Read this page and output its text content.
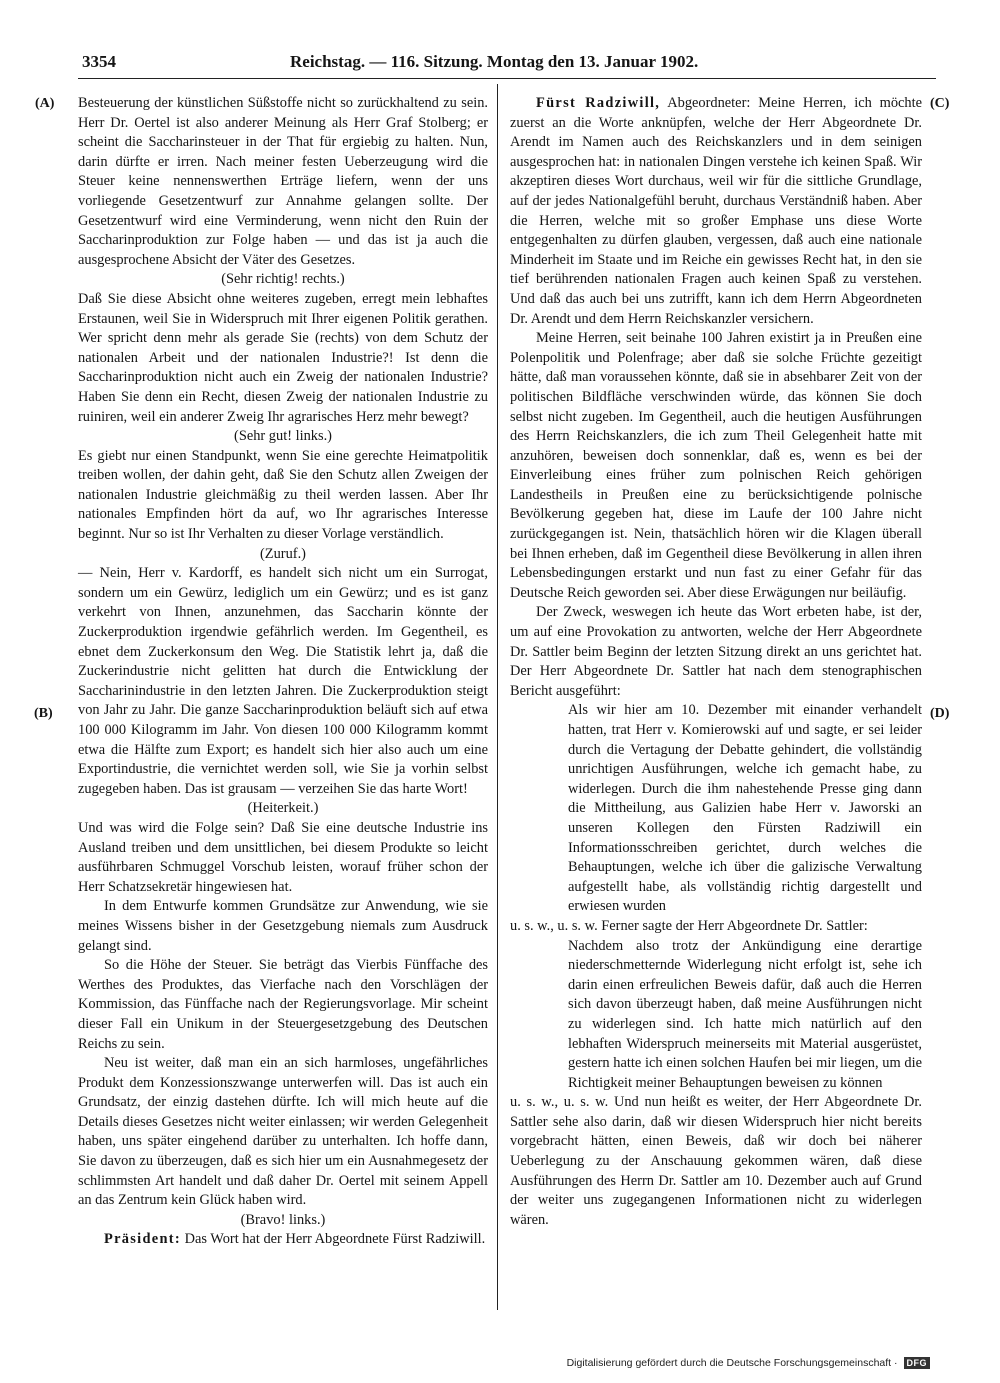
3354	Reichstag. — 116. Sitzung. Montag den 13. Januar 1902.
(A)
(B)
(C)
(D)

Besteuerung der künstlichen Süßstoffe nicht so zurückhaltend zu sein. Herr Dr. Oertel ist also anderer Meinung als Herr Graf Stolberg; er scheint die Saccharinsteuer in der That für ergiebig zu halten. Nun, darin dürfte er irren. Nach meiner festen Ueberzeugung wird die Steuer keine nennenswerthen Erträge liefern, wenn der uns vorliegende Gesetzentwurf zur Annahme gelangen sollte. Der Gesetzentwurf wird eine Verminderung, wenn nicht den Ruin der Saccharinproduktion zur Folge haben — und das ist ja auch die ausgesprochene Absicht der Väter des Gesetzes.

(Sehr richtig! rechts.)

Daß Sie diese Absicht ohne weiteres zugeben, erregt mein lebhaftes Erstaunen, weil Sie in Widerspruch mit Ihrer eigenen Politik gerathen. Wer spricht denn mehr als gerade Sie (rechts) von dem Schutz der nationalen Arbeit und der nationalen Industrie?! Ist denn die Saccharinproduktion nicht auch ein Zweig der nationalen Industrie? Haben Sie denn ein Recht, diesen Zweig der nationalen Industrie zu ruiniren, weil ein anderer Zweig Ihr agrarisches Herz mehr bewegt?

(Sehr gut! links.)

Es giebt nur einen Standpunkt, wenn Sie eine gerechte Heimatpolitik treiben wollen, der dahin geht, daß Sie den Schutz allen Zweigen der nationalen Industrie gleichmäßig zu theil werden lassen. Aber Ihr nationales Empfinden hört da auf, wo Ihr agrarisches Interesse beginnt. Nur so ist Ihr Verhalten zu dieser Vorlage verständlich.

(Zuruf.)

— Nein, Herr v. Kardorff, es handelt sich nicht um ein Surrogat, sondern um ein Gewürz, lediglich um ein Gewürz; und es ist ganz verkehrt von Ihnen, anzunehmen, das Saccharin könnte der Zuckerproduktion irgendwie gefährlich werden. Im Gegentheil, es ebnet dem Zuckerkonsum den Weg. Die Statistik lehrt ja, daß die Zuckerindustrie nicht gelitten hat durch die Entwicklung der Saccharinindustrie in den letzten Jahren. Die Zuckerproduktion steigt von Jahr zu Jahr. Die ganze Saccharinproduktion beläuft sich auf etwa 100 000 Kilogramm im Jahr. Von diesen 100 000 Kilogramm kommt etwa die Hälfte zum Export; es handelt sich hier also auch um eine Exportindustrie, die vernichtet werden soll, wie Sie ja vorhin selbst zugegeben haben. Das ist grausam — verzeihen Sie das harte Wort!

(Heiterkeit.)

Und was wird die Folge sein? Daß Sie eine deutsche Industrie ins Ausland treiben und dem unsittlichen, bei diesem Produkte so leicht ausführbaren Schmuggel Vorschub leisten, worauf früher schon der Herr Schatzsekretär hingewiesen hat.

In dem Entwurfe kommen Grundsätze zur Anwendung, wie sie meines Wissens bisher in der Gesetzgebung niemals zum Ausdruck gelangt sind.

So die Höhe der Steuer. Sie beträgt das Vierbis Fünffache des Werthes des Produktes, das Vierfache nach den Vorschlägen der Kommission, das Fünffache nach der Regierungsvorlage. Mir scheint dieser Fall ein Unikum in der Steuergesetzgebung des Deutschen Reichs zu sein.

Neu ist weiter, daß man ein an sich harmloses, ungefährliches Produkt dem Konzessionszwange unterwerfen will. Das ist auch ein Grundsatz, der einzig dastehen dürfte. Ich will mich heute auf die Details dieses Gesetzes nicht weiter einlassen; wir werden Gelegenheit haben, uns später eingehend darüber zu unterhalten. Ich hoffe dann, Sie davon zu überzeugen, daß es sich hier um ein Ausnahmegesetz der schlimmsten Art handelt und daß daher Dr. Oertel mit seinem Appell an das Zentrum kein Glück haben wird.

(Bravo! links.)

Präsident: Das Wort hat der Herr Abgeordnete Fürst Radziwill.

Fürst Radziwill, Abgeordneter: Meine Herren, ich möchte zuerst an die Worte anknüpfen, welche der Herr Abgeordnete Dr. Arendt im Namen auch des Reichskanzlers und in dem seinigen ausgesprochen hat: in nationalen Dingen verstehe ich keinen Spaß. Wir akzeptiren dieses Wort durchaus, weil wir für die sittliche Grundlage, auf der jedes Nationalgefühl beruht, durchaus Verständniß haben. Aber die Herren, welche mit so großer Emphase uns diese Worte entgegenhalten zu dürfen glauben, vergessen, daß auch eine nationale Minderheit im Staate und im Reiche ein gewisses Recht hat, in den sie tief berührenden nationalen Fragen auch keinen Spaß zu verstehen. Und daß das auch bei uns zutrifft, kann ich dem Herrn Abgeordneten Dr. Arendt und dem Herrn Reichskanzler versichern.

Meine Herren, seit beinahe 100 Jahren existirt ja in Preußen eine Polenpolitik und Polenfrage; aber daß sie solche Früchte gezeitigt hätte, daß man voraussehen könnte, daß sie in absehbarer Zeit von der politischen Bildfläche verschwinden würde, das können Sie doch selbst nicht zugeben. Im Gegentheil, auch die heutigen Ausführungen des Herrn Reichskanzlers, die ich zum Theil Gelegenheit hatte mit anzuhören, beweisen doch sonnenklar, daß es, wenn es bei der Einverleibung eines früher zum polnischen Reich gehörigen Landestheils in Preußen eine zu berücksichtigende polnische Bevölkerung gegeben hat, diese im Laufe der 100 Jahre nicht zurückgegangen ist. Nein, thatsächlich hören wir die Klagen überall bei Ihnen erheben, daß im Gegentheil diese Bevölkerung in allen ihren Lebensbedingungen erstarkt und nun fast zu einer Gefahr für das Deutsche Reich geworden sei. Aber diese Erwägungen nur beiläufig.

Der Zweck, weswegen ich heute das Wort erbeten habe, ist der, um auf eine Provokation zu antworten, welche der Herr Abgeordnete Dr. Sattler beim Beginn der letzten Sitzung direkt an uns gerichtet hat. Der Herr Abgeordnete Dr. Sattler hat nach dem stenographischen Bericht ausgeführt:

Als wir hier am 10. Dezember mit einander verhandelt hatten, trat Herr v. Komierowski auf und sagte, er sei leider durch die Vertagung der Debatte gehindert, die vollständig unrichtigen Ausführungen, welche ich gemacht habe, zu widerlegen. Durch die ihm nahestehende Presse ging dann die Mittheilung, aus Galizien habe Herr v. Jaworski an unseren Kollegen den Fürsten Radziwill ein Informationsschreiben gerichtet, durch welches die Behauptungen, welche ich über die galizische Verwaltung aufgestellt habe, als vollständig richtig dargestellt und erwiesen wurden

u. s. w., u. s. w. Ferner sagte der Herr Abgeordnete Dr. Sattler:

Nachdem also trotz der Ankündigung eine derartige niederschmetternde Widerlegung nicht erfolgt ist, sehe ich darin einen erfreulichen Beweis dafür, daß auch die Herren sich davon überzeugt haben, daß meine Ausführungen nicht zu widerlegen sind. Ich hatte mich natürlich auf den lebhaften Widerspruch meinerseits mit Material ausgerüstet, gestern hatte ich einen solchen Haufen bei mir liegen, um die Richtigkeit meiner Behauptungen beweisen zu können

u. s. w., u. s. w. Und nun heißt es weiter, der Herr Abgeordnete Dr. Sattler sehe also darin, daß wir diesen Widerspruch hier nicht bereits vorgebracht hätten, einen Beweis, daß wir doch bei näherer Ueberlegung zu der Anschauung gekommen wären, daß diese Ausführungen des Herrn Dr. Sattler am 10. Dezember auch auf Grund der weiter uns zugegangenen Informationen nicht zu widerlegen wären.

Digitalisierung gefördert durch die Deutsche Forschungsgemeinschaft ·	DFG
